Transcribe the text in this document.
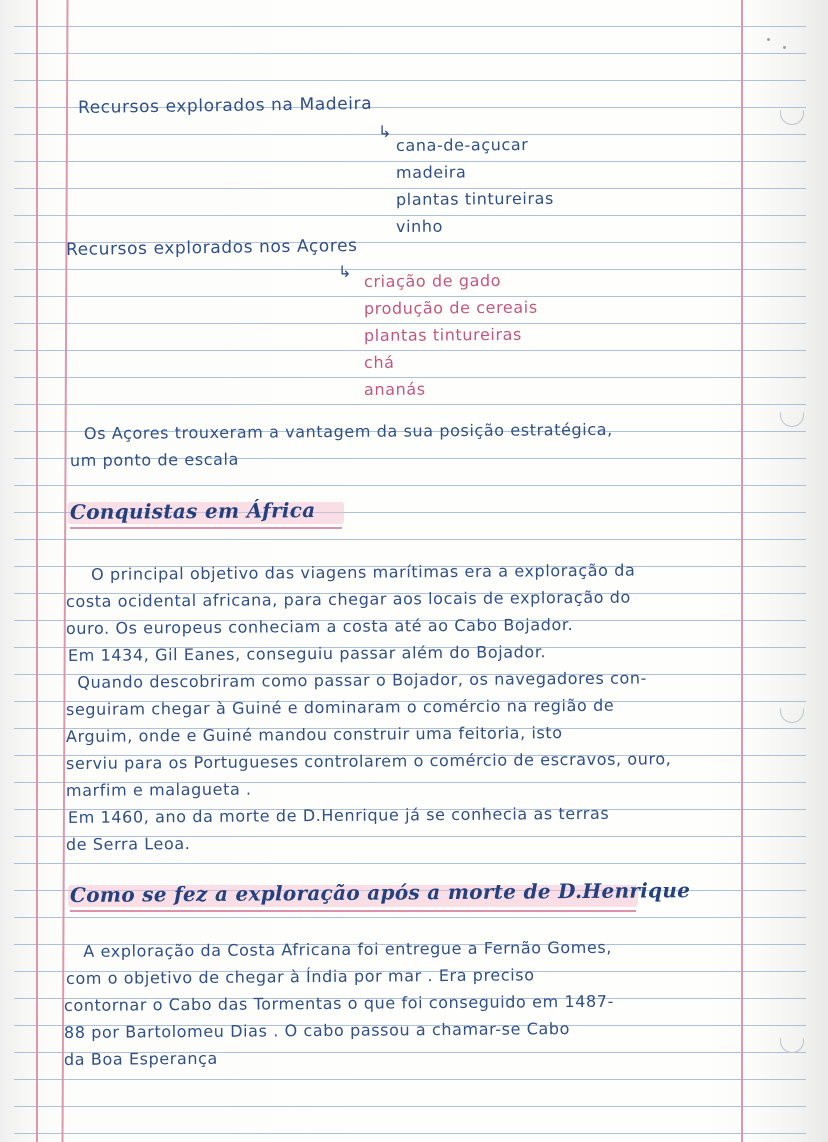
Recursos explorados na Madeira
↳
cana-de-açucar
madeira
plantas tintureiras
vinho
Recursos explorados nos Açores
↳ criação de gado
produção de cereais
plantas tintureiras
chá
ananás
Os Açores trouxeram a vantagem da sua posição estratégica,
um ponto de escala
Conquistas em África
O principal objetivo das viagens marítimas era a exploração da
costa ocidental africana, para chegar aos locais de exploração do
ouro. Os europeus conheciam a costa até ao Cabo Bojador.
Em 1434, Gil Eanes, conseguiu passar além do Bojador.
Quando descobriram como passar o Bojador, os navegadores con-
seguiram chegar à Guiné e dominaram o comércio na região de
Arguim, onde e Guiné mandou construir uma feitoria, isto
serviu para os Portugueses controlarem o comércio de escravos, ouro,
marfim e malagueta .
Em 1460, ano da morte de D.Henrique já se conhecia as terras
de Serra Leoa.
Como se fez a exploração após a morte de D.Henrique
A exploração da Costa Africana foi entregue a Fernão Gomes,
com o objetivo de chegar à Índia por mar . Era preciso
contornar o Cabo das Tormentas o que foi conseguido em 1487-
88 por Bartolomeu Dias . O cabo passou a chamar-se Cabo
da Boa Esperança
